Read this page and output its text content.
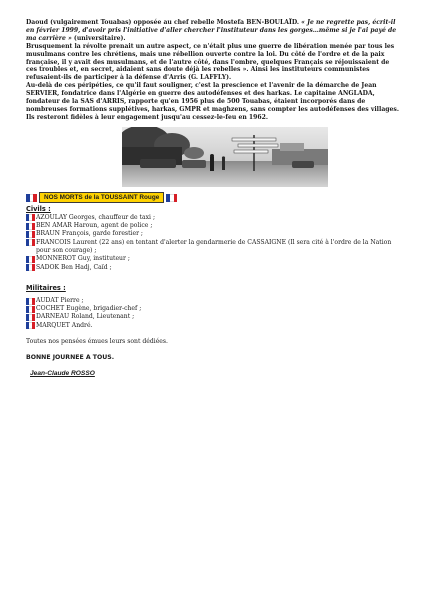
Daoud (vulgairement Touabas) opposée au chef rebelle Mostefa BEN-BOULAÏD. « Je ne regrette pas, écrit-il en février 1999, d'avoir pris l'initiative d'aller chercher l'instituteur dans les gorges…même si je l'ai payé de ma carrière » (universitaire).

Brusquement la révolte prenait un autre aspect, ce n'était plus une guerre de libération menée par tous les musulmans contre les chrétiens, mais une rébellion ouverte contre la loi. Du côté de l'ordre et de la paix française, il y avait des musulmans, et de l'autre côté, dans l'ombre, quelques Français se réjouissaient de ces troubles et, en secret, aidaient sans doute déjà les rebelles ». Ainsi les instituteurs communistes refusaient-ils de participer à la défense d'Arris (G. LAFFLY).

Au-delà de ces péripéties, ce qu'il faut souligner, c'est la prescience et l'avenir de la démarche de Jean SERVIER, fondatrice dans l'Algérie en guerre des autodéfenses et des harkas. Le capitaine ANGLADA, fondateur de la SAS d'ARRIS, rapporte qu'en 1956 plus de 500 Touabas, étaient incorporés dans de nombreuses formations supplétives, harkas, GMPR et maghzens, sans compter les autodéfenses des villages.

Ils resteront fidèles à leur engagement jusqu'au cessez-le-feu en 1962.

NOS MORTS de la TOUSSAINT Rouge
Civils :
AZOULAY Georges, chauffeur de taxi ;
BEN AMAR Haroun, agent de police ;
BRAUN François, garde forestier ;
FRANCOIS Laurent (22 ans) en tentant d'alerter la gendarmerie de CASSAIGNE (Il sera cité à l'ordre de la Nation pour son courage) ;
MONNEROT Guy, instituteur ;
SADOK Ben Hadj, Caïd ;
Militaires :
AUDAT Pierre ;
COCHET Eugène, brigadier-chef ;
DARNEAU Roland, Lieutenant ;
MARQUET André.

Toutes nos pensées émues leurs sont dédiées.

BONNE JOURNEE A TOUS.

Jean-Claude ROSSO
